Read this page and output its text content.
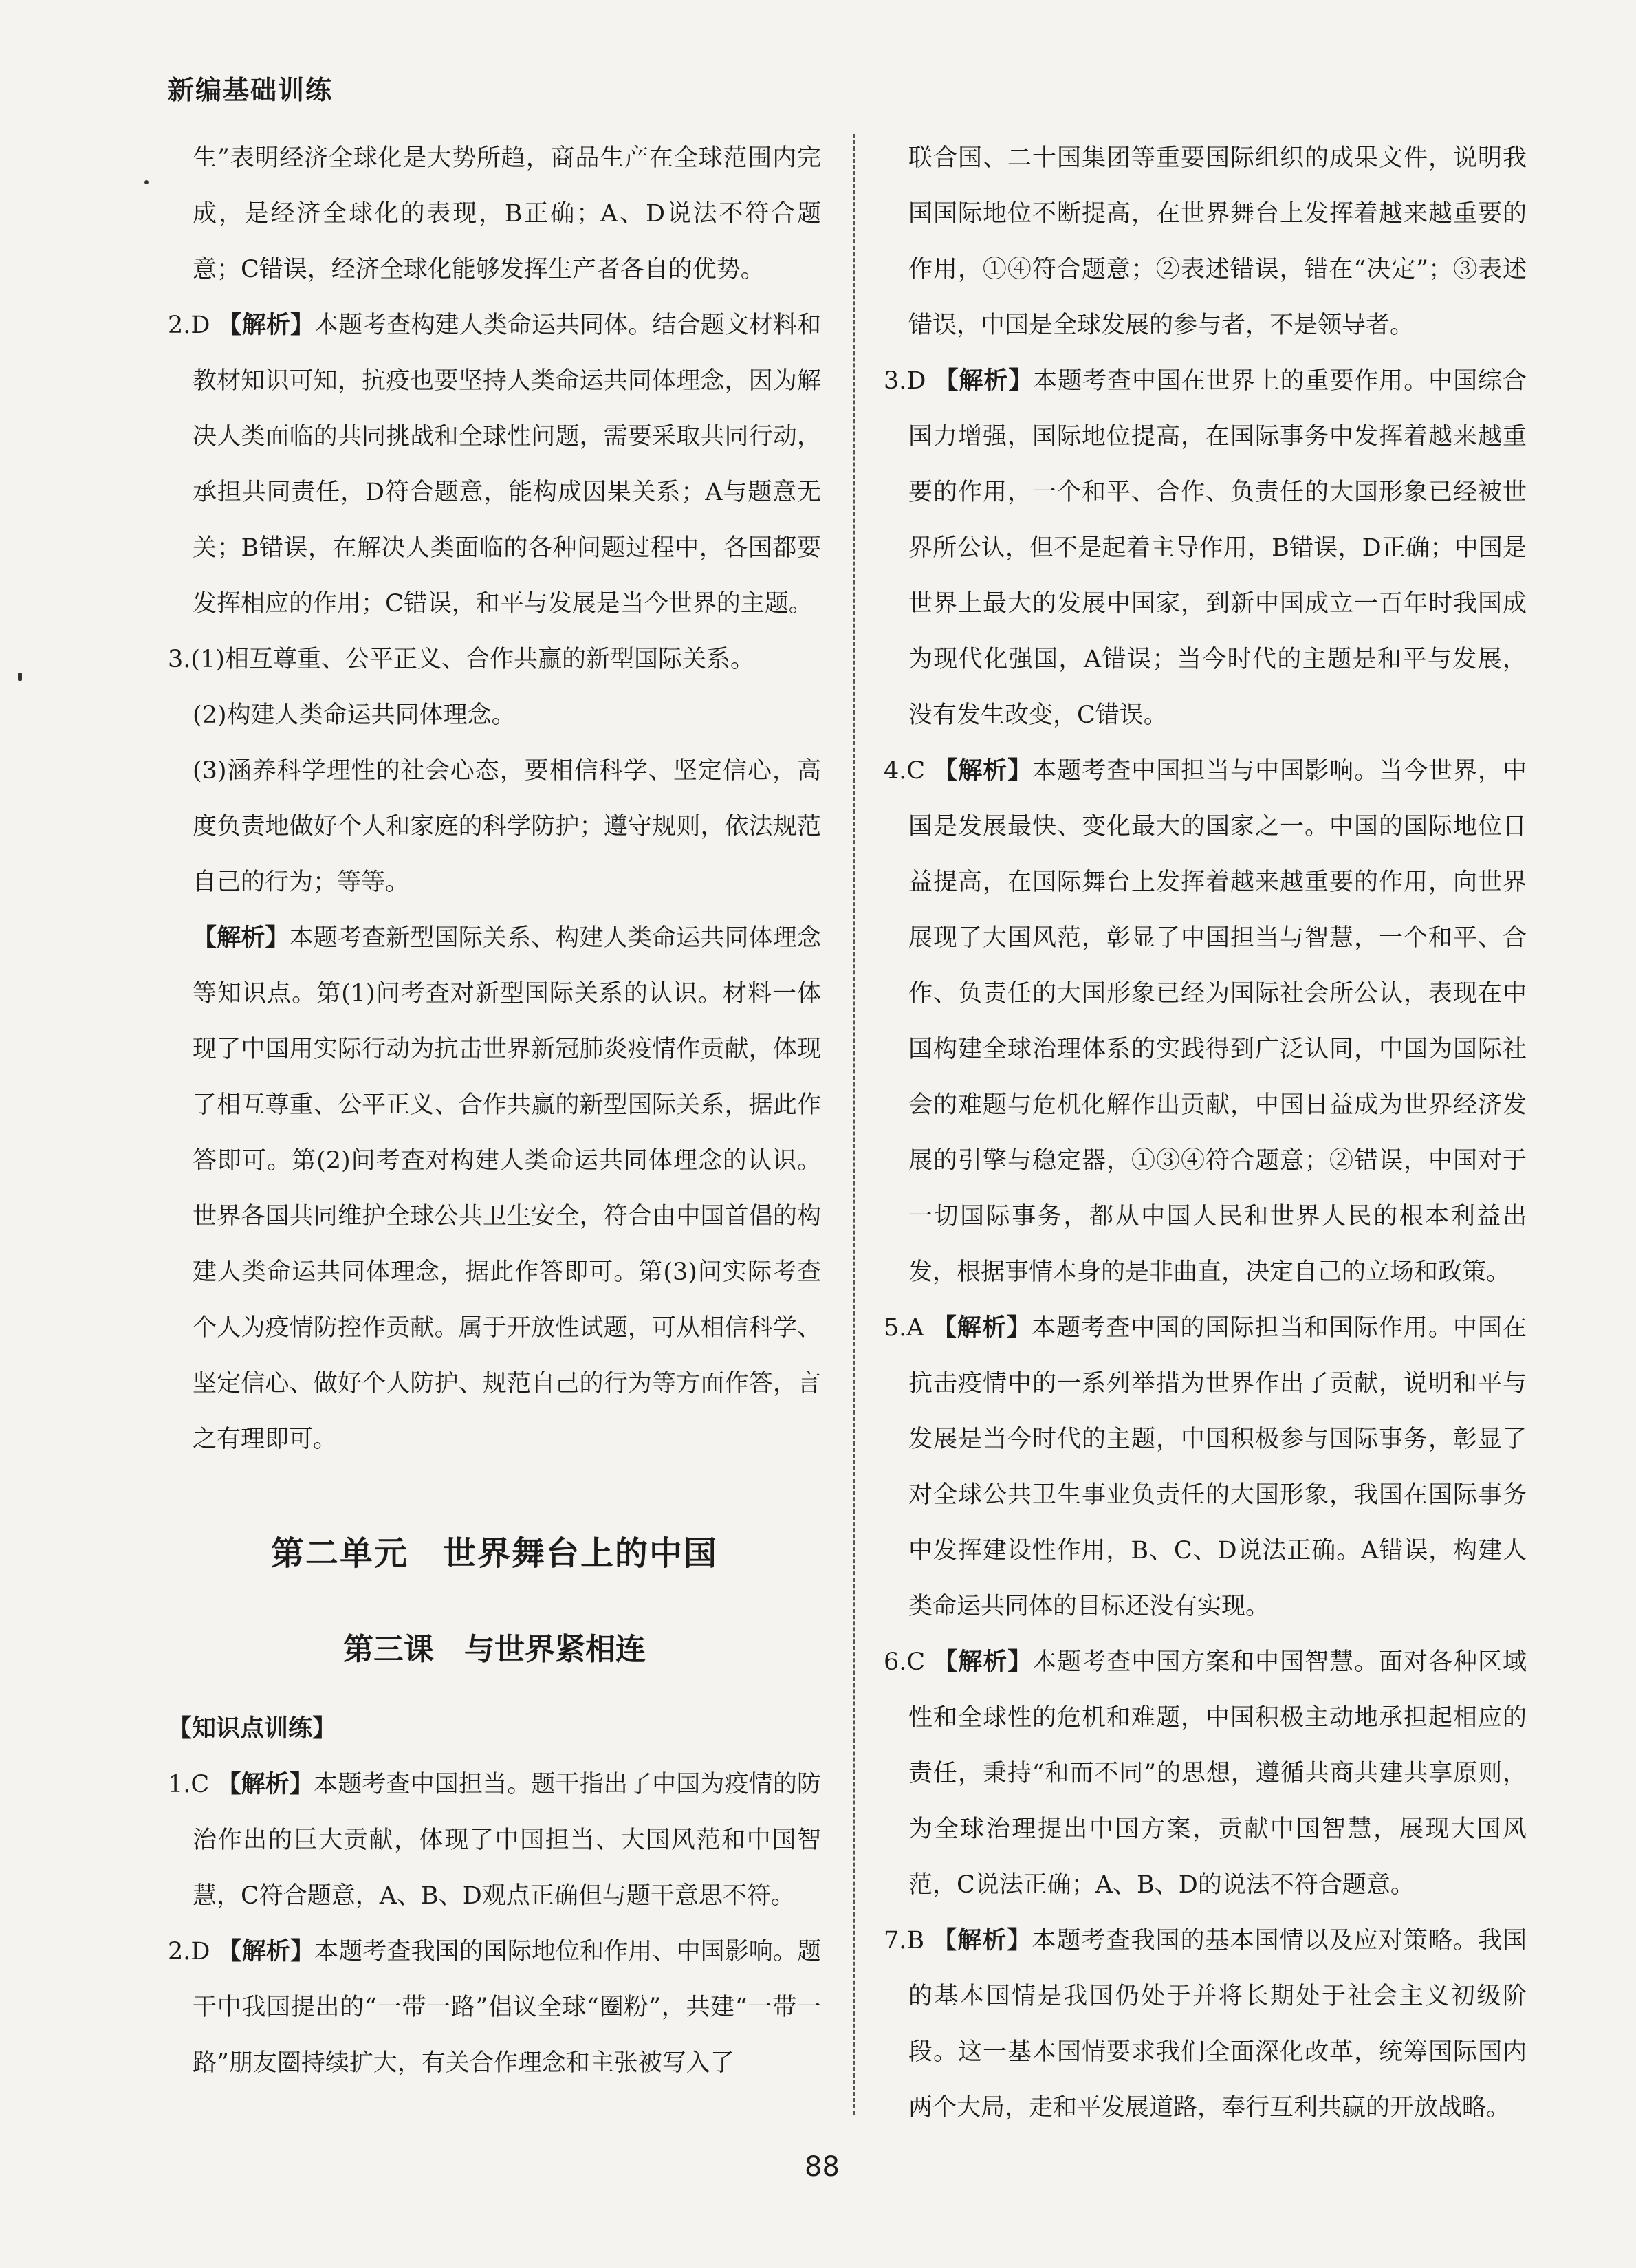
新编基础训练

生”表明经济全球化是大势所趋，商品生产在全球范围内完成，是经济全球化的表现，B正确；A、D说法不符合题意；C错误，经济全球化能够发挥生产者各自的优势。

2.D 【解析】本题考查构建人类命运共同体。结合题文材料和教材知识可知，抗疫也要坚持人类命运共同体理念，因为解决人类面临的共同挑战和全球性问题，需要采取共同行动，承担共同责任，D符合题意，能构成因果关系；A与题意无关；B错误，在解决人类面临的各种问题过程中，各国都要发挥相应的作用；C错误，和平与发展是当今世界的主题。

3.(1)相互尊重、公平正义、合作共赢的新型国际关系。

(2)构建人类命运共同体理念。

(3)涵养科学理性的社会心态，要相信科学、坚定信心，高度负责地做好个人和家庭的科学防护；遵守规则，依法规范自己的行为；等等。

【解析】本题考查新型国际关系、构建人类命运共同体理念等知识点。第(1)问考查对新型国际关系的认识。材料一体现了中国用实际行动为抗击世界新冠肺炎疫情作贡献，体现了相互尊重、公平正义、合作共赢的新型国际关系，据此作答即可。第(2)问考查对构建人类命运共同体理念的认识。世界各国共同维护全球公共卫生安全，符合由中国首倡的构建人类命运共同体理念，据此作答即可。第(3)问实际考查个人为疫情防控作贡献。属于开放性试题，可从相信科学、坚定信心、做好个人防护、规范自己的行为等方面作答，言之有理即可。

第二单元　世界舞台上的中国
第三课　与世界紧相连

【知识点训练】

1.C 【解析】本题考查中国担当。题干指出了中国为疫情的防治作出的巨大贡献，体现了中国担当、大国风范和中国智慧，C符合题意，A、B、D观点正确但与题干意思不符。

2.D 【解析】本题考查我国的国际地位和作用、中国影响。题干中我国提出的“一带一路”倡议全球“圈粉”，共建“一带一路”朋友圈持续扩大，有关合作理念和主张被写入了

联合国、二十国集团等重要国际组织的成果文件，说明我国国际地位不断提高，在世界舞台上发挥着越来越重要的作用，①④符合题意；②表述错误，错在“决定”；③表述错误，中国是全球发展的参与者，不是领导者。

3.D 【解析】本题考查中国在世界上的重要作用。中国综合国力增强，国际地位提高，在国际事务中发挥着越来越重要的作用，一个和平、合作、负责任的大国形象已经被世界所公认，但不是起着主导作用，B错误，D正确；中国是世界上最大的发展中国家，到新中国成立一百年时我国成为现代化强国，A错误；当今时代的主题是和平与发展，没有发生改变，C错误。

4.C 【解析】本题考查中国担当与中国影响。当今世界，中国是发展最快、变化最大的国家之一。中国的国际地位日益提高，在国际舞台上发挥着越来越重要的作用，向世界展现了大国风范，彰显了中国担当与智慧，一个和平、合作、负责任的大国形象已经为国际社会所公认，表现在中国构建全球治理体系的实践得到广泛认同，中国为国际社会的难题与危机化解作出贡献，中国日益成为世界经济发展的引擎与稳定器，①③④符合题意；②错误，中国对于一切国际事务，都从中国人民和世界人民的根本利益出发，根据事情本身的是非曲直，决定自己的立场和政策。

5.A 【解析】本题考查中国的国际担当和国际作用。中国在抗击疫情中的一系列举措为世界作出了贡献，说明和平与发展是当今时代的主题，中国积极参与国际事务，彰显了对全球公共卫生事业负责任的大国形象，我国在国际事务中发挥建设性作用，B、C、D说法正确。A错误，构建人类命运共同体的目标还没有实现。

6.C 【解析】本题考查中国方案和中国智慧。面对各种区域性和全球性的危机和难题，中国积极主动地承担起相应的责任，秉持“和而不同”的思想，遵循共商共建共享原则，为全球治理提出中国方案，贡献中国智慧，展现大国风范，C说法正确；A、B、D的说法不符合题意。

7.B 【解析】本题考查我国的基本国情以及应对策略。我国的基本国情是我国仍处于并将长期处于社会主义初级阶段。这一基本国情要求我们全面深化改革，统筹国际国内两个大局，走和平发展道路，奉行互利共赢的开放战略。

88
